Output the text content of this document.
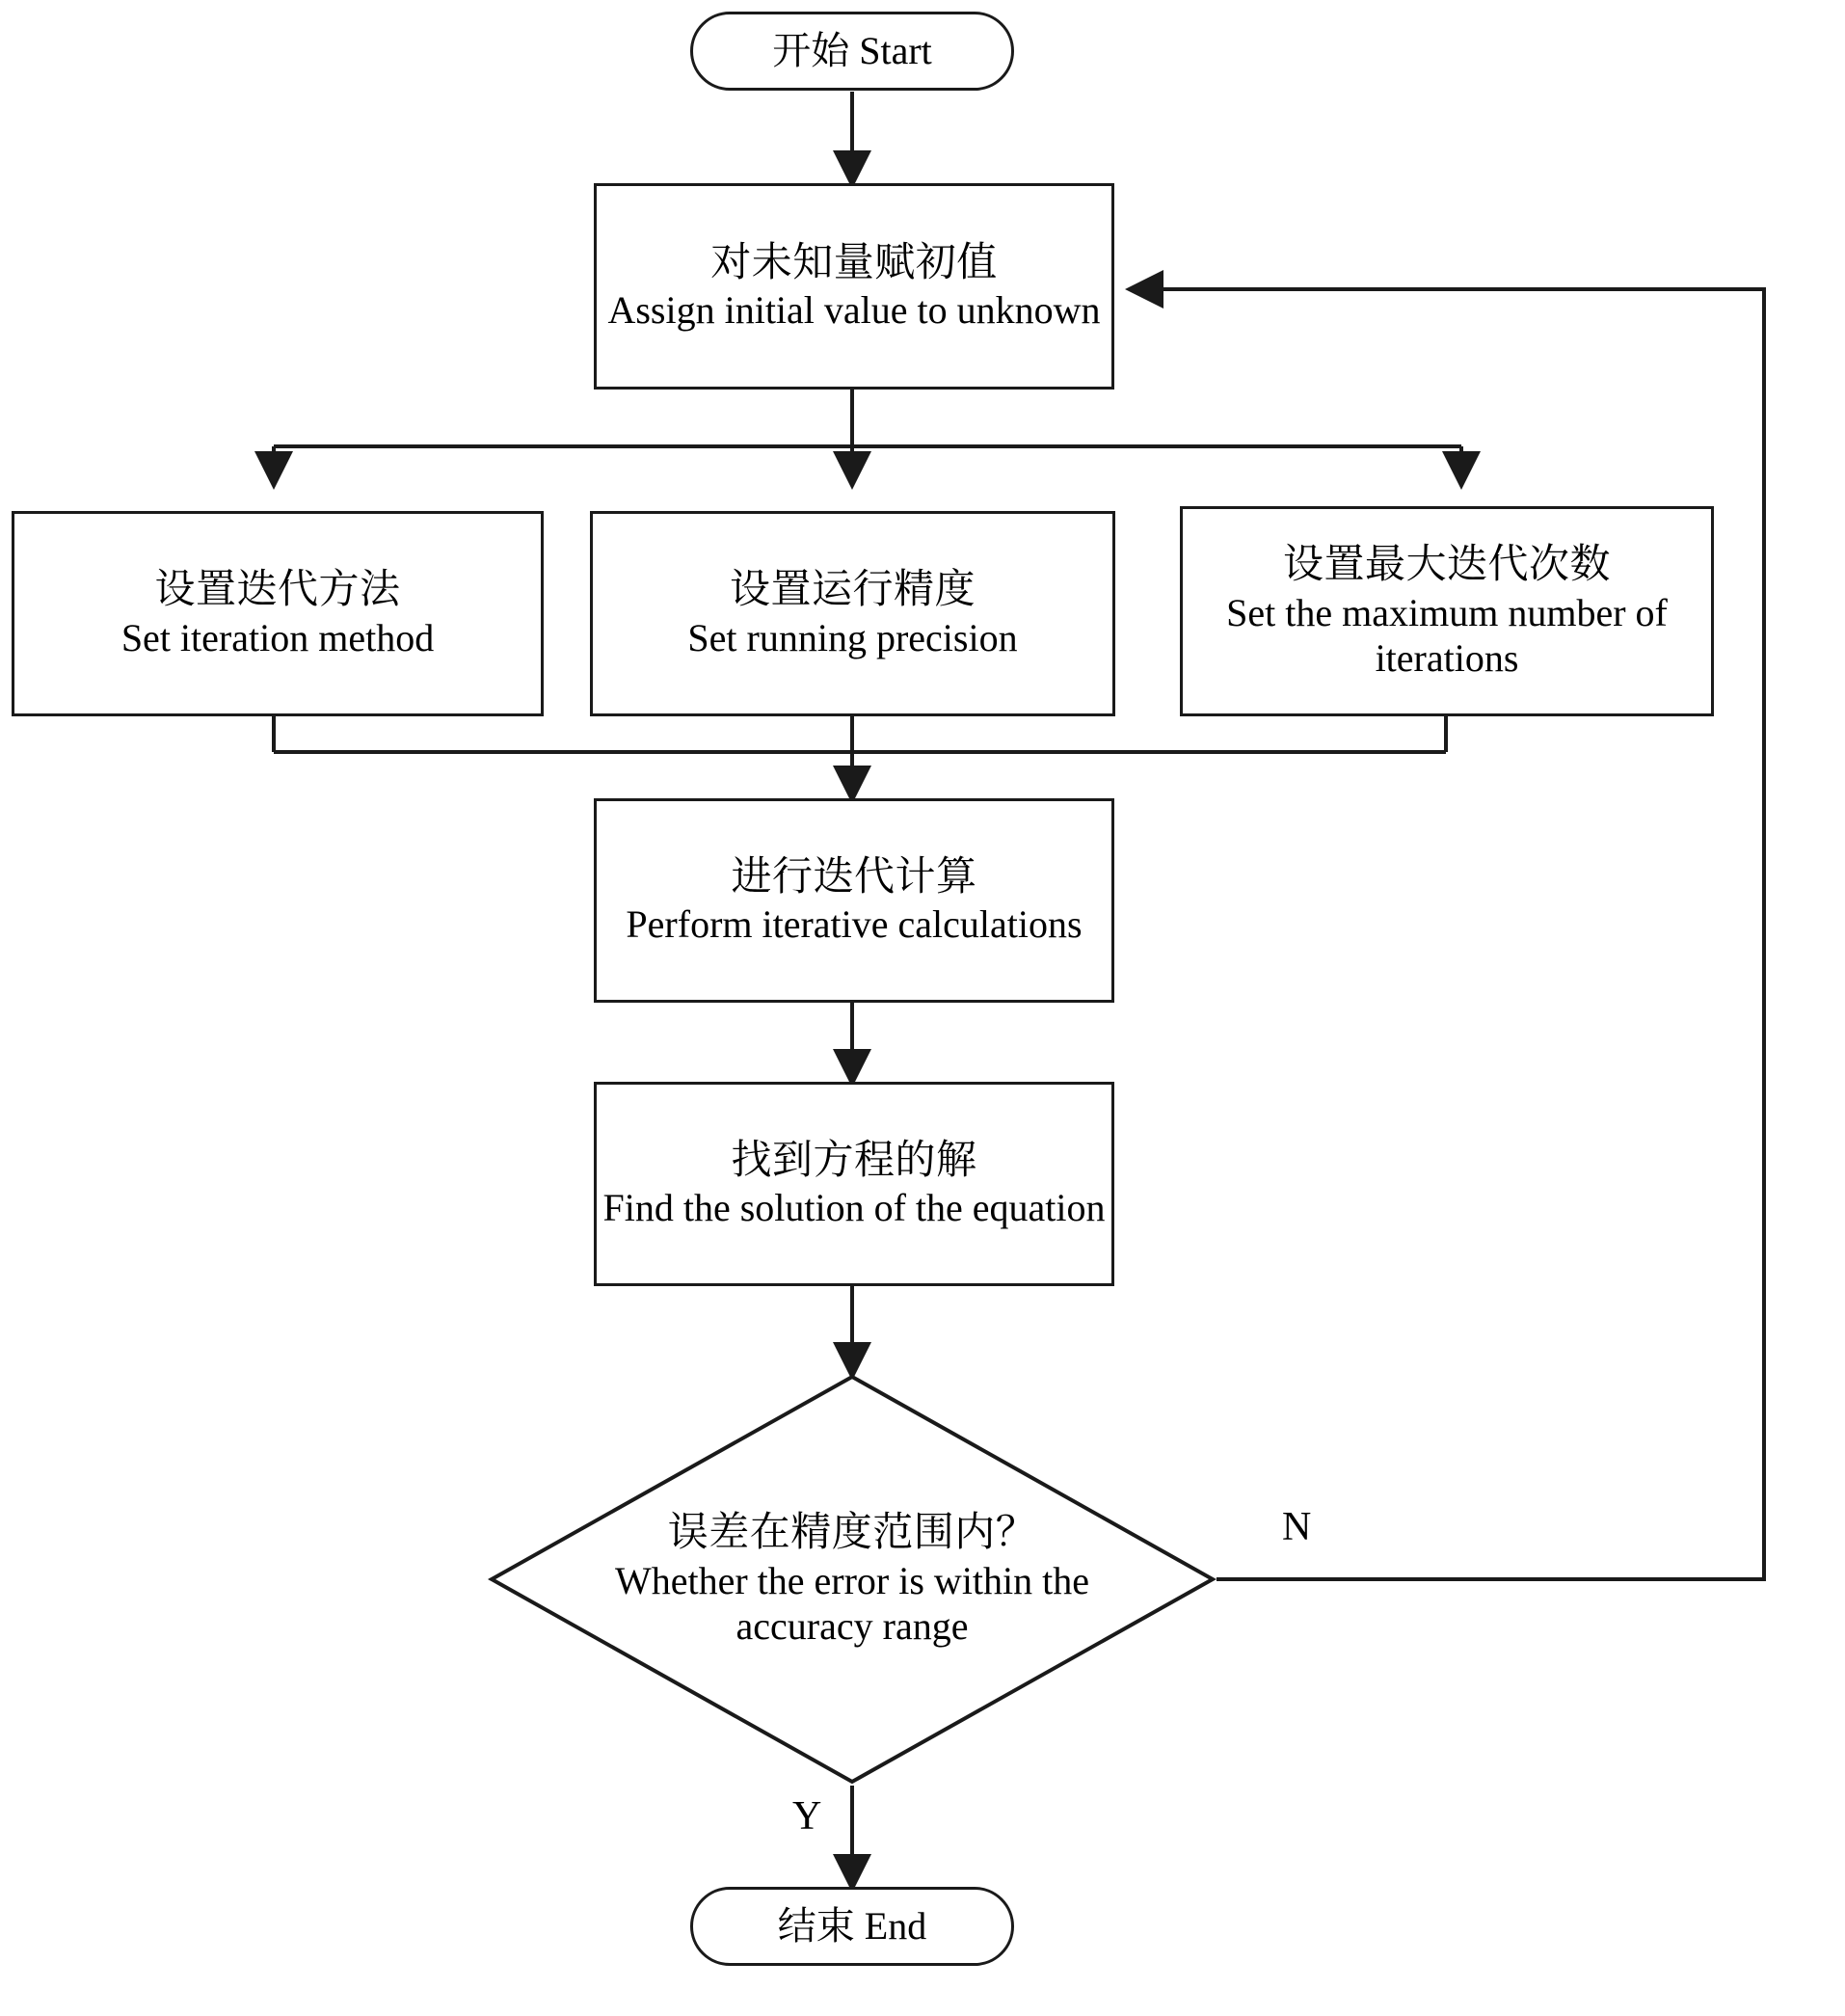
开始 Start
对未知量赋初值
Assign initial value to unknown
设置迭代方法
Set iteration method
设置运行精度
Set running precision
设置最大迭代次数
Set the maximum number of iterations
进行迭代计算
Perform iterative calculations
找到方程的解
Find the solution of the equation
误差在精度范围内？
Whether the error is within the accuracy range
N
Y
结束 End
